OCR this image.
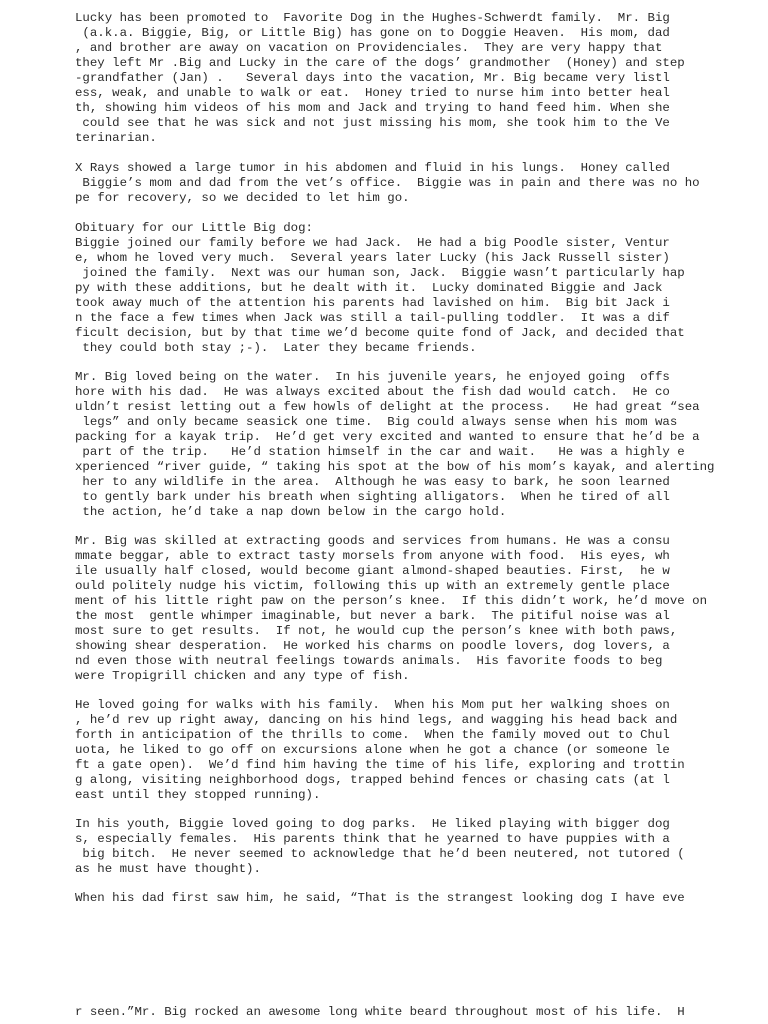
Lucky has been promoted to  Favorite Dog in the Hughes-Schwerdt family.  Mr. Big
(a.k.a. Biggie, Big, or Little Big) has gone on to Doggie Heaven.  His mom, dad
, and brother are away on vacation on Providenciales.  They are very happy that
they left Mr .Big and Lucky in the care of the dogs’ grandmother  (Honey) and step
-grandfather (Jan) .   Several days into the vacation, Mr. Big became very listl
ess, weak, and unable to walk or eat.  Honey tried to nurse him into better heal
th, showing him videos of his mom and Jack and trying to hand feed him. When she
could see that he was sick and not just missing his mom, she took him to the Ve
terinarian.
X Rays showed a large tumor in his abdomen and fluid in his lungs.  Honey called
Biggie’s mom and dad from the vet’s office.  Biggie was in pain and there was no ho
pe for recovery, so we decided to let him go.
Obituary for our Little Big dog:
Biggie joined our family before we had Jack.  He had a big Poodle sister, Ventur
e, whom he loved very much.  Several years later Lucky (his Jack Russell sister)
joined the family.  Next was our human son, Jack.  Biggie wasn’t particularly hap
py with these additions, but he dealt with it.  Lucky dominated Biggie and Jack
took away much of the attention his parents had lavished on him.  Big bit Jack i
n the face a few times when Jack was still a tail-pulling toddler.  It was a dif
ficult decision, but by that time we’d become quite fond of Jack, and decided that
they could both stay ;-).  Later they became friends.
Mr. Big loved being on the water.  In his juvenile years, he enjoyed going  offs
hore with his dad.  He was always excited about the fish dad would catch.  He co
uldn’t resist letting out a few howls of delight at the process.   He had great “sea
legs” and only became seasick one time.  Big could always sense when his mom was
packing for a kayak trip.  He’d get very excited and wanted to ensure that he’d be a
part of the trip.   He’d station himself in the car and wait.   He was a highly e
xperienced “river guide, “ taking his spot at the bow of his mom’s kayak, and alerting
her to any wildlife in the area.  Although he was easy to bark, he soon learned
to gently bark under his breath when sighting alligators.  When he tired of all
the action, he’d take a nap down below in the cargo hold.
Mr. Big was skilled at extracting goods and services from humans. He was a consu
mmate beggar, able to extract tasty morsels from anyone with food.  His eyes, wh
ile usually half closed, would become giant almond-shaped beauties. First,  he w
ould politely nudge his victim, following this up with an extremely gentle place
ment of his little right paw on the person’s knee.  If this didn’t work, he’d move on
the most  gentle whimper imaginable, but never a bark.  The pitiful noise was al
most sure to get results.  If not, he would cup the person’s knee with both paws,
showing shear desperation.  He worked his charms on poodle lovers, dog lovers, a
nd even those with neutral feelings towards animals.  His favorite foods to beg
were Tropigrill chicken and any type of fish.
He loved going for walks with his family.  When his Mom put her walking shoes on
, he’d rev up right away, dancing on his hind legs, and wagging his head back and
forth in anticipation of the thrills to come.  When the family moved out to Chul
uota, he liked to go off on excursions alone when he got a chance (or someone le
ft a gate open).  We’d find him having the time of his life, exploring and trottin
g along, visiting neighborhood dogs, trapped behind fences or chasing cats (at l
east until they stopped running).
In his youth, Biggie loved going to dog parks.  He liked playing with bigger dog
s, especially females.  His parents think that he yearned to have puppies with a
big bitch.  He never seemed to acknowledge that he’d been neutered, not tutored (
as he must have thought).
When his dad first saw him, he said, “That is the strangest looking dog I have eve
r seen.”Mr. Big rocked an awesome long white beard throughout most of his life.  H
